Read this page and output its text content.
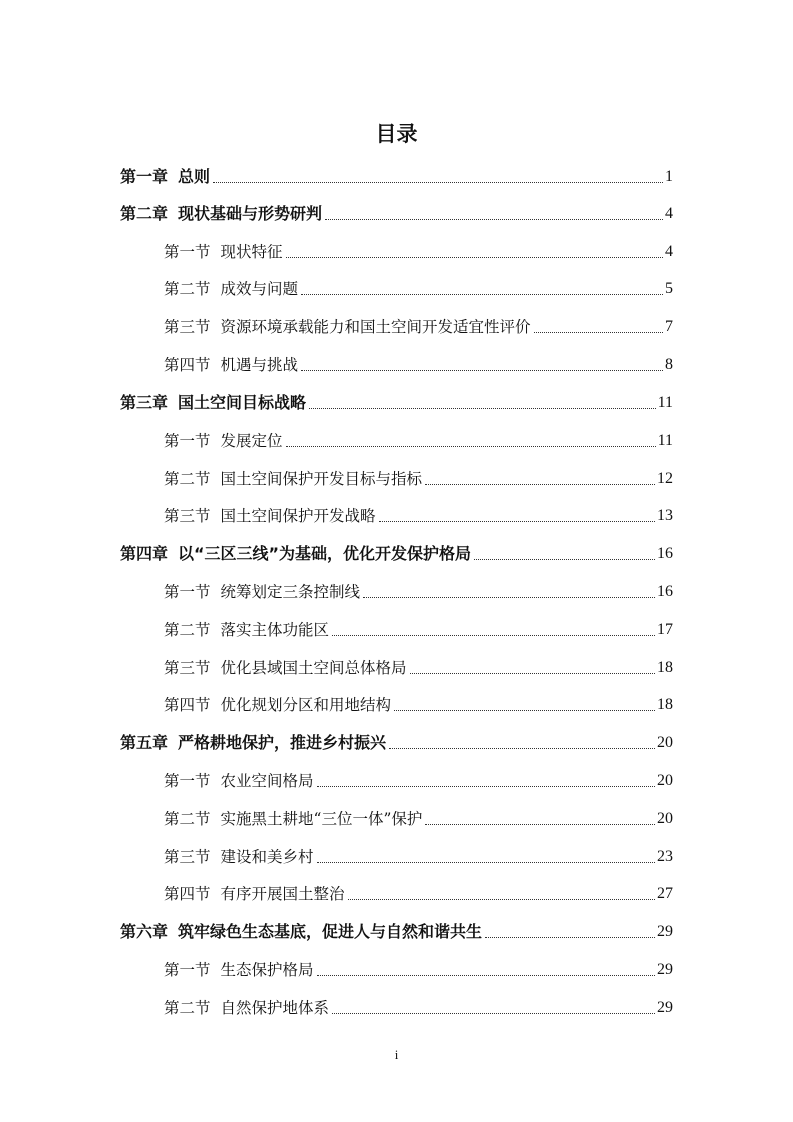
目录
第一章 总则	1
第二章 现状基础与形势研判	4
第一节 现状特征	4
第二节 成效与问题	5
第三节 资源环境承载能力和国土空间开发适宜性评价	7
第四节 机遇与挑战	8
第三章 国土空间目标战略	11
第一节 发展定位	11
第二节 国土空间保护开发目标与指标	12
第三节 国土空间保护开发战略	13
第四章 以“三区三线”为基础，优化开发保护格局	16
第一节 统筹划定三条控制线	16
第二节 落实主体功能区	17
第三节 优化县域国土空间总体格局	18
第四节 优化规划分区和用地结构	18
第五章 严格耕地保护，推进乡村振兴	20
第一节 农业空间格局	20
第二节 实施黑土耕地“三位一体”保护	20
第三节 建设和美乡村	23
第四节 有序开展国土整治	27
第六章 筑牢绿色生态基底，促进人与自然和谐共生	29
第一节 生态保护格局	29
第二节 自然保护地体系	29
i
